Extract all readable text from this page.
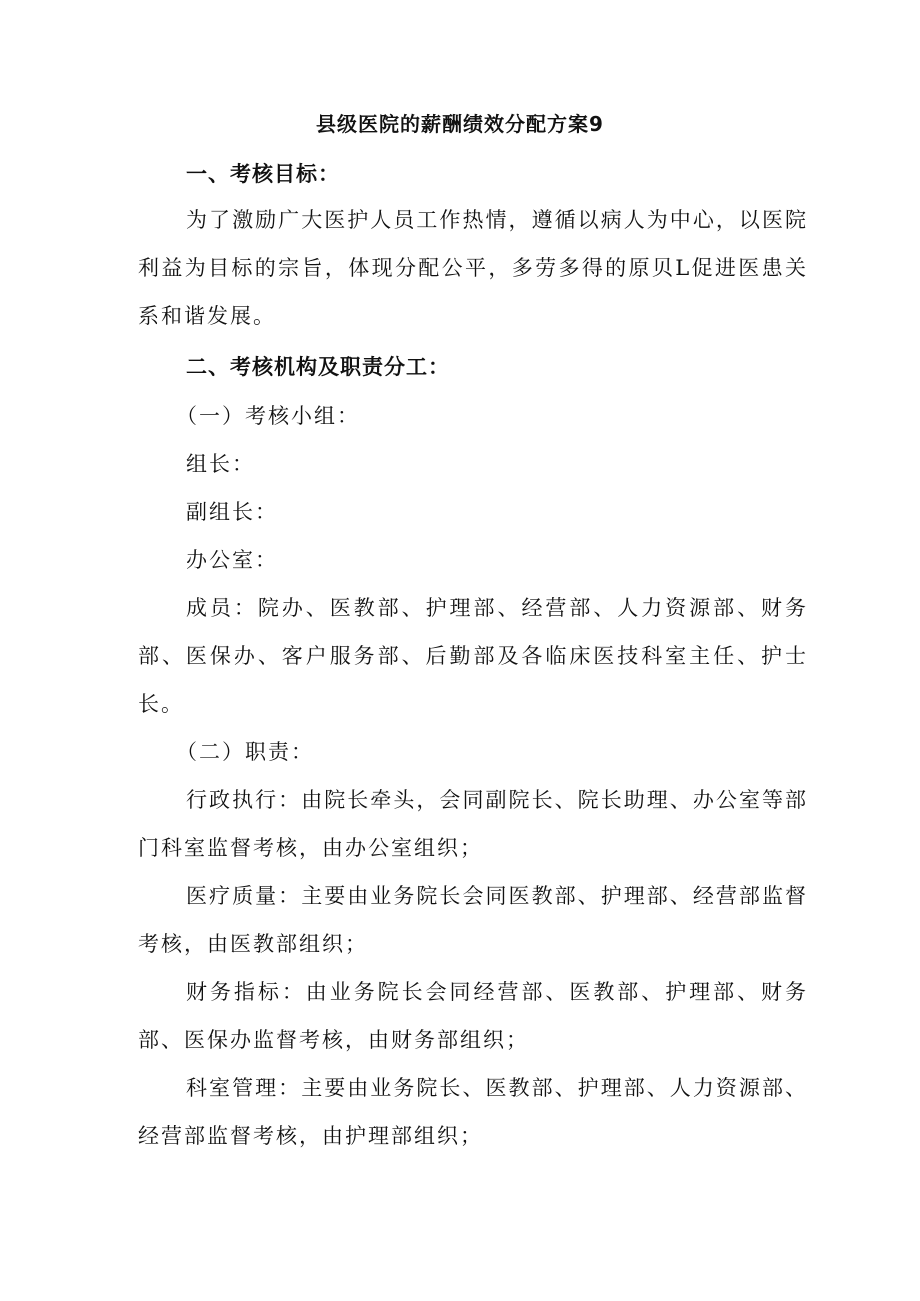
县级医院的薪酬绩效分配方案9
一、考核目标：
为了激励广大医护人员工作热情，遵循以病人为中心，以医院利益为目标的宗旨，体现分配公平，多劳多得的原贝L促进医患关系和谐发展。
二、考核机构及职责分工：
（一）考核小组：
组长：
副组长：
办公室：
成员：院办、医教部、护理部、经营部、人力资源部、财务部、医保办、客户服务部、后勤部及各临床医技科室主任、护士长。
（二）职责：
行政执行：由院长牵头，会同副院长、院长助理、办公室等部门科室监督考核，由办公室组织；
医疗质量：主要由业务院长会同医教部、护理部、经营部监督考核，由医教部组织；
财务指标：由业务院长会同经营部、医教部、护理部、财务部、医保办监督考核，由财务部组织；
科室管理：主要由业务院长、医教部、护理部、人力资源部、经营部监督考核，由护理部组织；
